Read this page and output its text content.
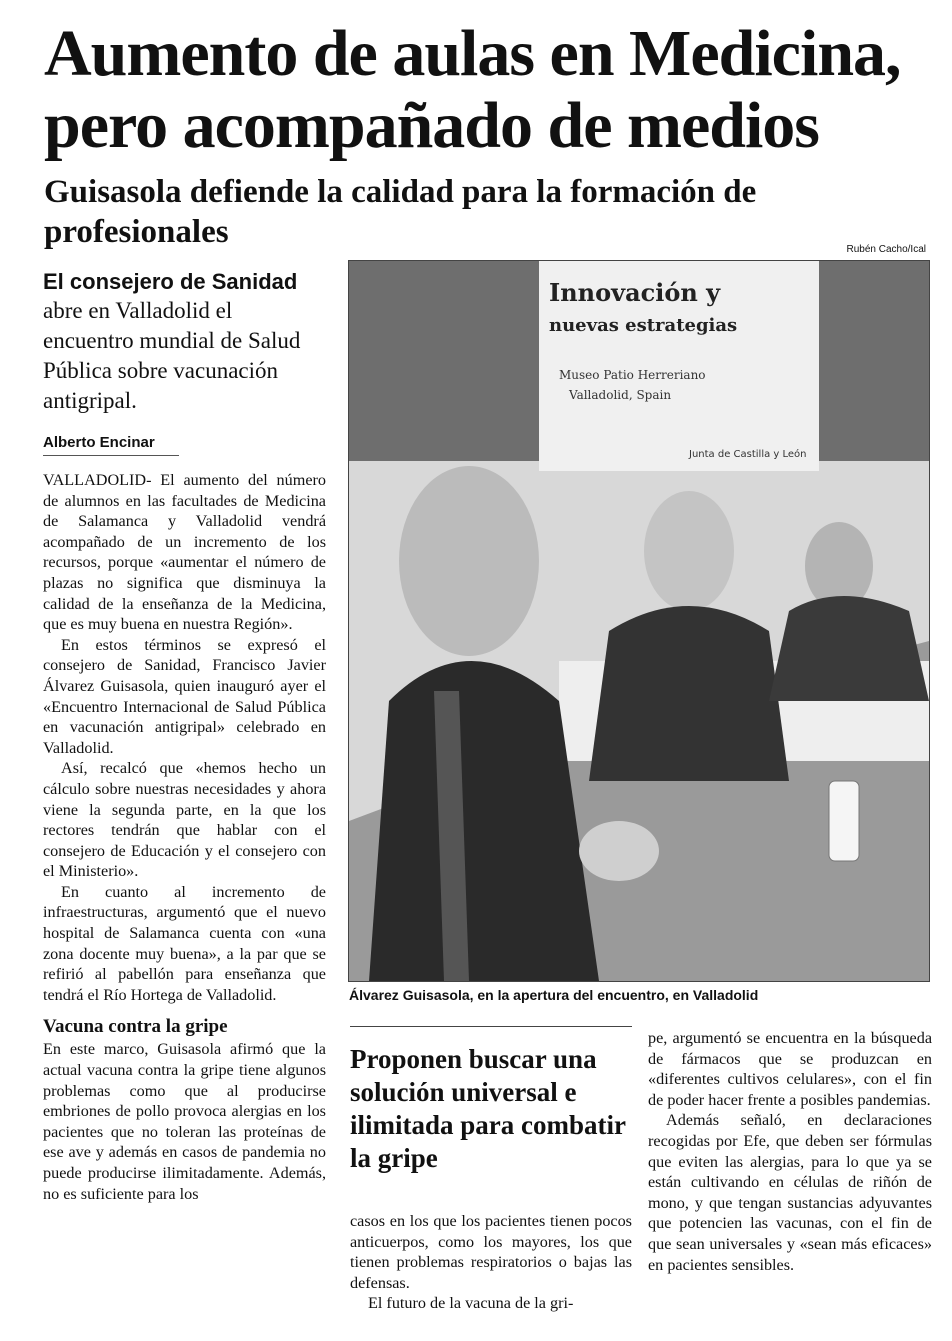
Aumento de aulas en Medicina, pero acompañado de medios
Guisasola defiende la calidad para la formación de profesionales	Rubén Cacho/Ical
El consejero de Sanidad
abre en Valladolid el encuentro mundial de Salud Pública sobre vacunación antigripal.
Alberto Encinar

VALLADOLID- El aumento del número de alumnos en las facultades de Medicina de Salamanca y Valladolid vendrá acompañado de un incremento de los recursos, porque «aumentar el número de plazas no significa que disminuya la calidad de la enseñanza de la Medicina, que es muy buena en nuestra Región».

En estos términos se expresó el consejero de Sanidad, Francisco Javier Álvarez Guisasola, quien inauguró ayer el «Encuentro Internacional de Salud Pública en vacunación antigripal» celebrado en Valladolid.

Así, recalcó que «hemos hecho un cálculo sobre nuestras necesidades y ahora viene la segunda parte, en la que los rectores tendrán que hablar con el consejero de Educación y el consejero con el Ministerio».

En cuanto al incremento de infraestructuras, argumentó que el nuevo hospital de Salamanca cuenta con «una zona docente muy buena», a la par que se refirió al pabellón para enseñanza que tendrá el Río Hortega de Valladolid.

Vacuna contra la gripe

En este marco, Guisasola afirmó que la actual vacuna contra la gripe tiene algunos problemas como que al producirse embriones de pollo provoca alergias en los pacientes que no toleran las proteínas de ese ave y además en casos de pandemia no puede producirse ilimitadamente. Además, no es suficiente para los

Innovación y
nuevas estrategias
Museo Patio Herreriano
Valladolid, Spain
Junta de Castilla y León
Álvarez Guisasola, en la apertura del encuentro, en Valladolid
Proponen buscar una solución universal e ilimitada para combatir la gripe

casos en los que los pacientes tienen pocos anticuerpos, como los mayores, los que tienen problemas respiratorios o bajas las defensas.

El futuro de la vacuna de la gri-

pe, argumentó se encuentra en la búsqueda de fármacos que se produzcan en «diferentes cultivos celulares», con el fin de poder hacer frente a posibles pandemias.

Además señaló, en declaraciones recogidas por Efe, que deben ser fórmulas que eviten las alergias, para lo que ya se están cultivando en células de riñón de mono, y que tengan sustancias adyuvantes que potencien las vacunas, con el fin de que sean universales y «sean más eficaces» en pacientes sensibles.
